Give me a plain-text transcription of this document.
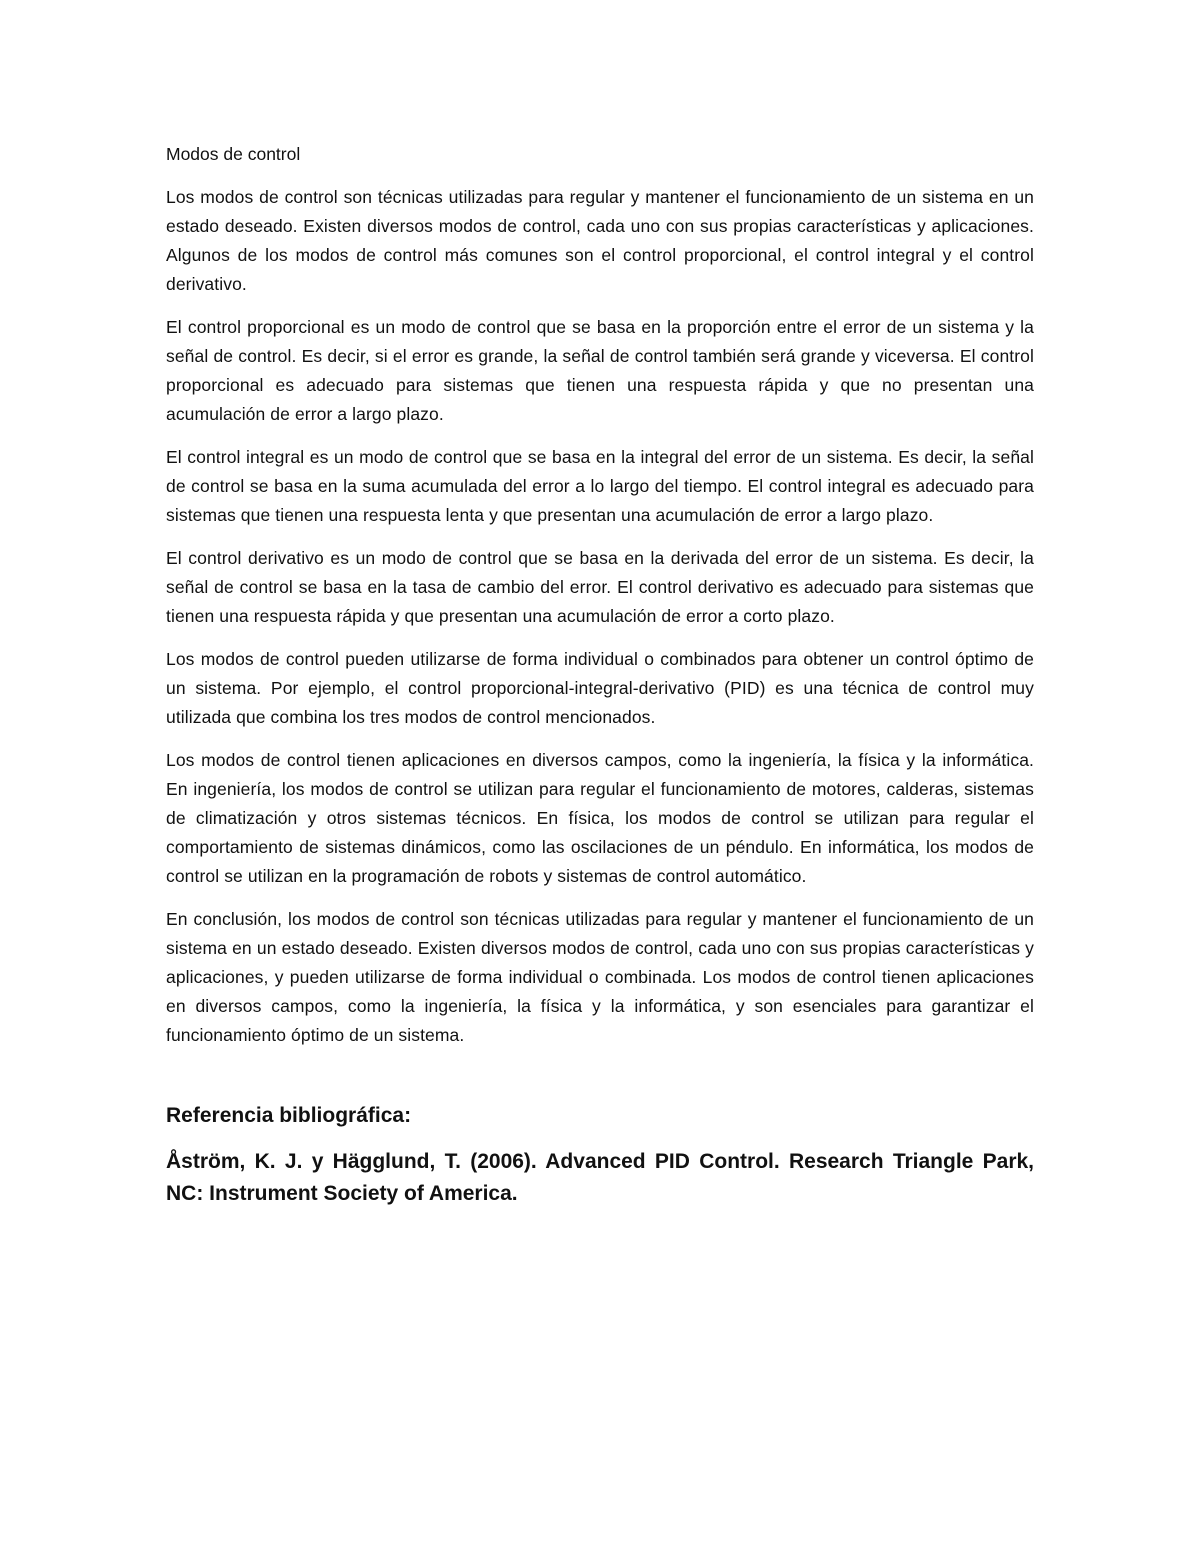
Modos de control

Los modos de control son técnicas utilizadas para regular y mantener el funcionamiento de un sistema en un estado deseado. Existen diversos modos de control, cada uno con sus propias características y aplicaciones. Algunos de los modos de control más comunes son el control proporcional, el control integral y el control derivativo.

El control proporcional es un modo de control que se basa en la proporción entre el error de un sistema y la señal de control. Es decir, si el error es grande, la señal de control también será grande y viceversa. El control proporcional es adecuado para sistemas que tienen una respuesta rápida y que no presentan una acumulación de error a largo plazo.

El control integral es un modo de control que se basa en la integral del error de un sistema. Es decir, la señal de control se basa en la suma acumulada del error a lo largo del tiempo. El control integral es adecuado para sistemas que tienen una respuesta lenta y que presentan una acumulación de error a largo plazo.

El control derivativo es un modo de control que se basa en la derivada del error de un sistema. Es decir, la señal de control se basa en la tasa de cambio del error. El control derivativo es adecuado para sistemas que tienen una respuesta rápida y que presentan una acumulación de error a corto plazo.

Los modos de control pueden utilizarse de forma individual o combinados para obtener un control óptimo de un sistema. Por ejemplo, el control proporcional-integral-derivativo (PID) es una técnica de control muy utilizada que combina los tres modos de control mencionados.

Los modos de control tienen aplicaciones en diversos campos, como la ingeniería, la física y la informática. En ingeniería, los modos de control se utilizan para regular el funcionamiento de motores, calderas, sistemas de climatización y otros sistemas técnicos. En física, los modos de control se utilizan para regular el comportamiento de sistemas dinámicos, como las oscilaciones de un péndulo. En informática, los modos de control se utilizan en la programación de robots y sistemas de control automático.

En conclusión, los modos de control son técnicas utilizadas para regular y mantener el funcionamiento de un sistema en un estado deseado. Existen diversos modos de control, cada uno con sus propias características y aplicaciones, y pueden utilizarse de forma individual o combinada. Los modos de control tienen aplicaciones en diversos campos, como la ingeniería, la física y la informática, y son esenciales para garantizar el funcionamiento óptimo de un sistema.

Referencia bibliográfica:

Åström, K. J. y Hägglund, T. (2006). Advanced PID Control. Research Triangle Park, NC: Instrument Society of America.
